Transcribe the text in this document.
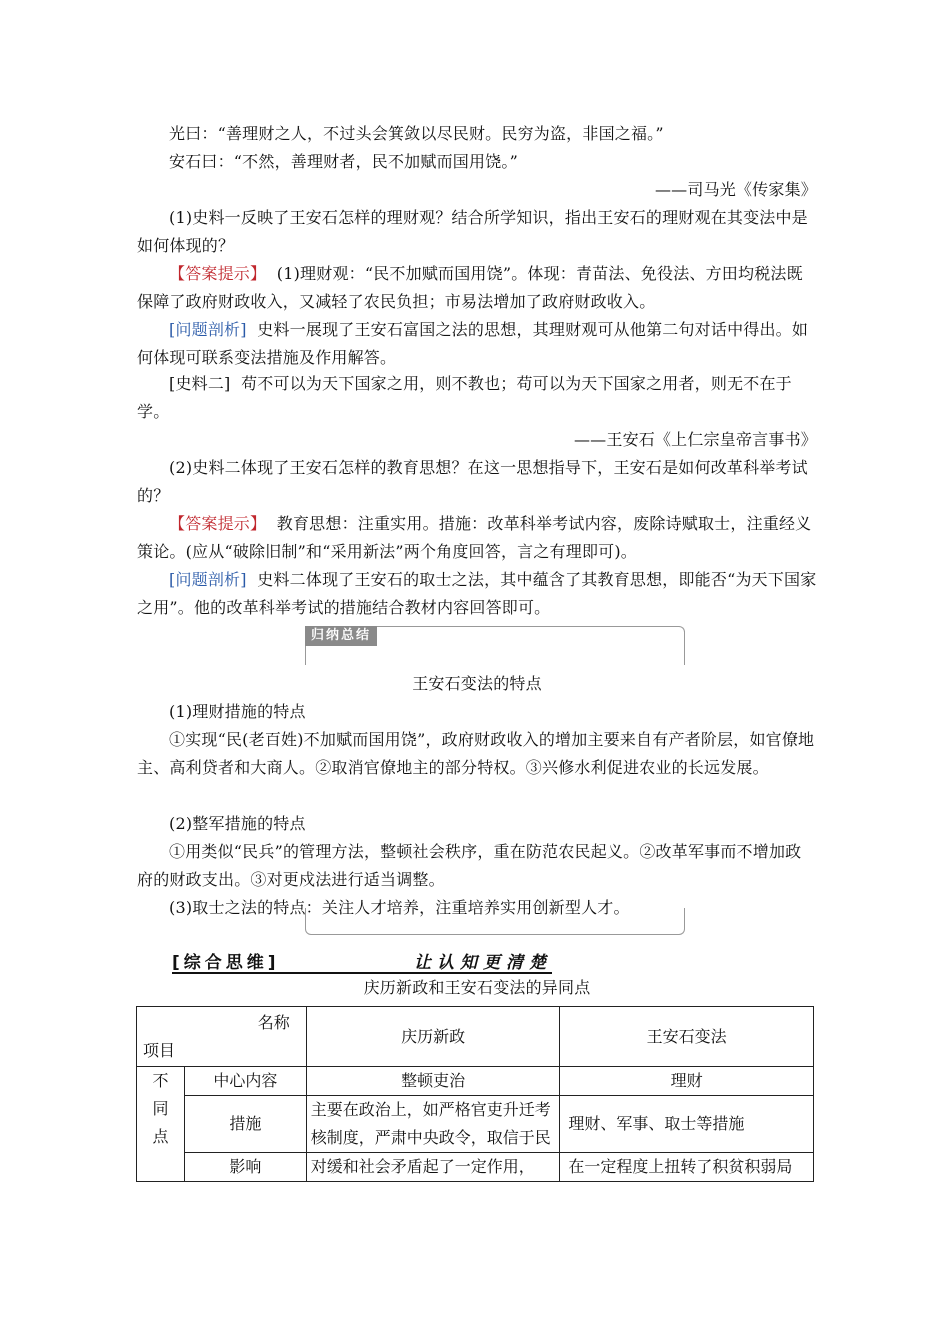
光曰：“善理财之人，不过头会箕敛以尽民财。民穷为盗，非国之福。”

安石曰：“不然，善理财者，民不加赋而国用饶。”

——司马光《传家集》

(1)史料一反映了王安石怎样的理财观？结合所学知识，指出王安石的理财观在其变法中是如何体现的？

【答案提示】 (1)理财观：“民不加赋而国用饶”。体现：青苗法、免役法、方田均税法既保障了政府财政收入，又减轻了农民负担；市易法增加了政府财政收入。

[问题剖析] 史料一展现了王安石富国之法的思想，其理财观可从他第二句对话中得出。如何体现可联系变法措施及作用解答。

[史料二] 苟不可以为天下国家之用，则不教也；苟可以为天下国家之用者，则无不在于学。

——王安石《上仁宗皇帝言事书》

(2)史料二体现了王安石怎样的教育思想？在这一思想指导下，王安石是如何改革科举考试的？

【答案提示】 教育思想：注重实用。措施：改革科举考试内容，废除诗赋取士，注重经义策论。(应从“破除旧制”和“采用新法”两个角度回答，言之有理即可)。

[问题剖析] 史料二体现了王安石的取士之法，其中蕴含了其教育思想，即能否“为天下国家之用”。他的改革科举考试的措施结合教材内容回答即可。

归纳总结

王安石变法的特点

(1)理财措施的特点

①实现“民(老百姓)不加赋而国用饶”，政府财政收入的增加主要来自有产者阶层，如官僚地主、高利贷者和大商人。②取消官僚地主的部分特权。③兴修水利促进农业的长远发展。

(2)整军措施的特点

①用类似“民兵”的管理方法，整顿社会秩序，重在防范农民起义。②改革军事而不增加政府的财政支出。③对更戍法进行适当调整。

(3)取士之法的特点：关注人才培养，注重培养实用创新型人才。

[综合思维]	让认知更清楚

庆历新政和王安石变法的异同点

名称
项目		庆历新政	王安石变法
不同点	中心内容	整顿吏治	理财
	措施	主要在政治上，如严格官吏升迁考核制度，严肃中央政令，取信于民	理财、军事、取士等措施
	影响	对缓和社会矛盾起了一定作用，	在一定程度上扭转了积贫积弱局
